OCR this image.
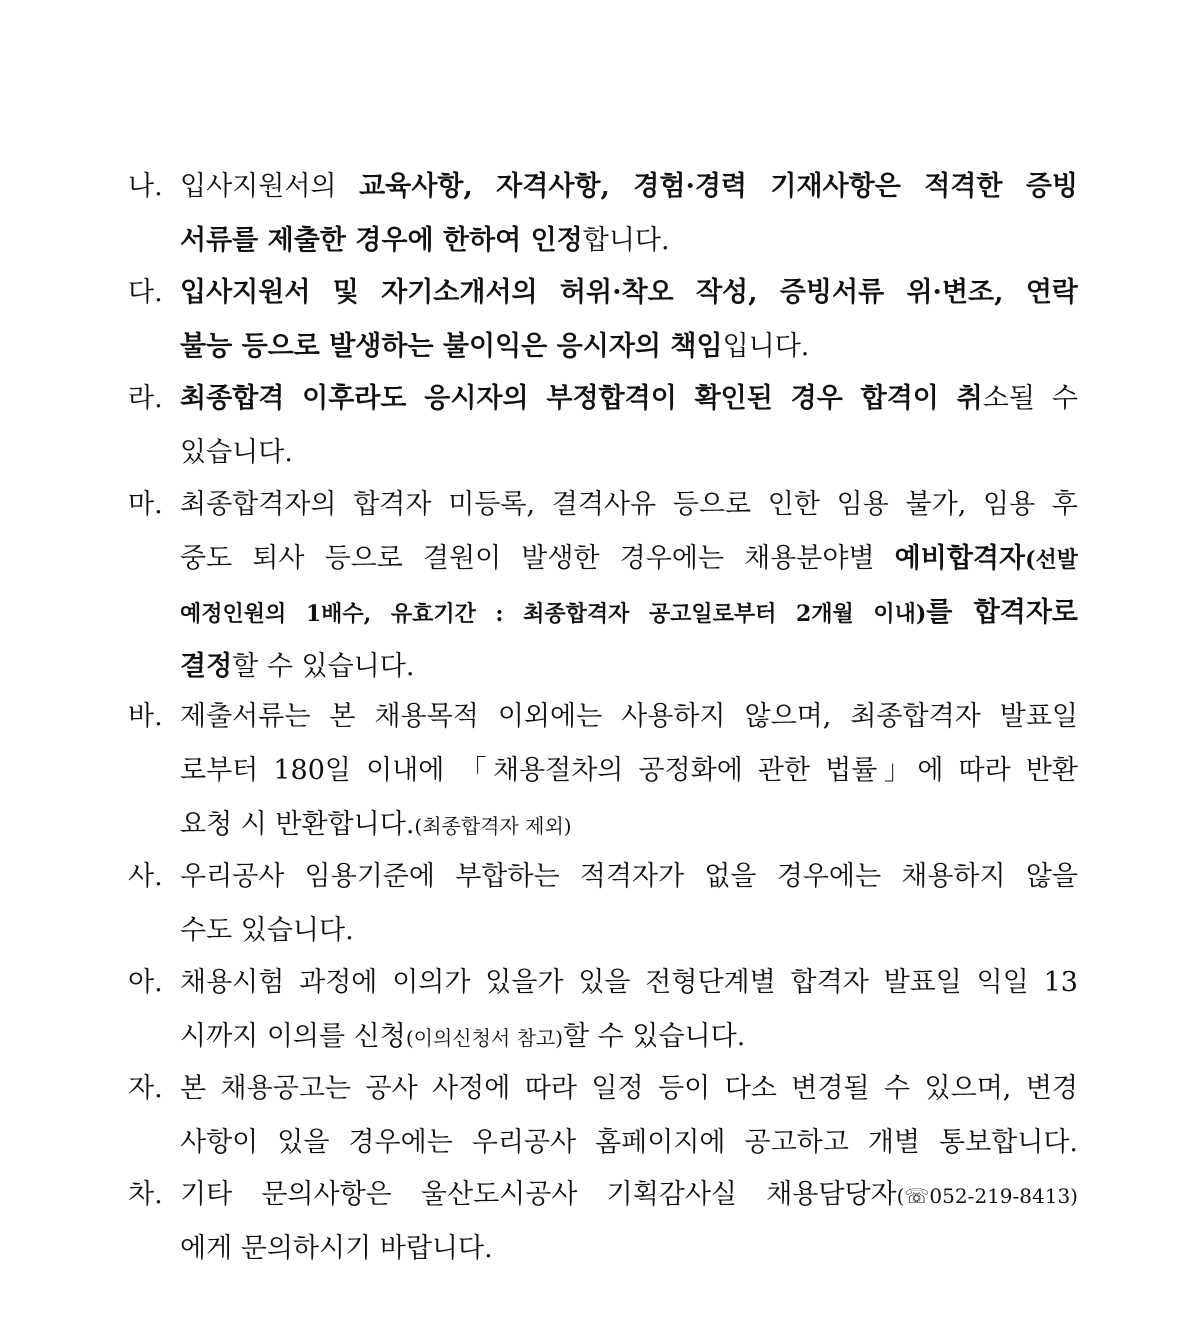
나. 입사지원서의 교육사항, 자격사항, 경험·경력 기재사항은 적격한 증빙
서류를 제출한 경우에 한하여 인정합니다.
다. 입사지원서 및 자기소개서의 허위·착오 작성, 증빙서류 위·변조, 연락
불능 등으로 발생하는 불이익은 응시자의 책임입니다.
라. 최종합격 이후라도 응시자의 부정합격이 확인된 경우 합격이 취소될 수
있습니다.
마. 최종합격자의 합격자 미등록, 결격사유 등으로 인한 임용 불가, 임용 후
중도 퇴사 등으로 결원이 발생한 경우에는 채용분야별 예비합격자(선발
예정인원의 1배수, 유효기간 : 최종합격자 공고일로부터 2개월 이내)를 합격자로
결정할 수 있습니다.
바. 제출서류는 본 채용목적 이외에는 사용하지 않으며, 최종합격자 발표일
로부터 180일 이내에 「채용절차의 공정화에 관한 법률」에 따라 반환
요청 시 반환합니다.(최종합격자 제외)
사. 우리공사 임용기준에 부합하는 적격자가 없을 경우에는 채용하지 않을
수도 있습니다.
아. 채용시험 과정에 이의가 있을가 있을 전형단계별 합격자 발표일 익일 13
시까지 이의를 신청(이의신청서 참고)할 수 있습니다.
자. 본 채용공고는 공사 사정에 따라 일정 등이 다소 변경될 수 있으며, 변경
사항이 있을 경우에는 우리공사 홈페이지에 공고하고 개별 통보합니다.
차. 기타 문의사항은 울산도시공사 기획감사실 채용담당자(☏052-219-8413)
에게 문의하시기 바랍니다.
